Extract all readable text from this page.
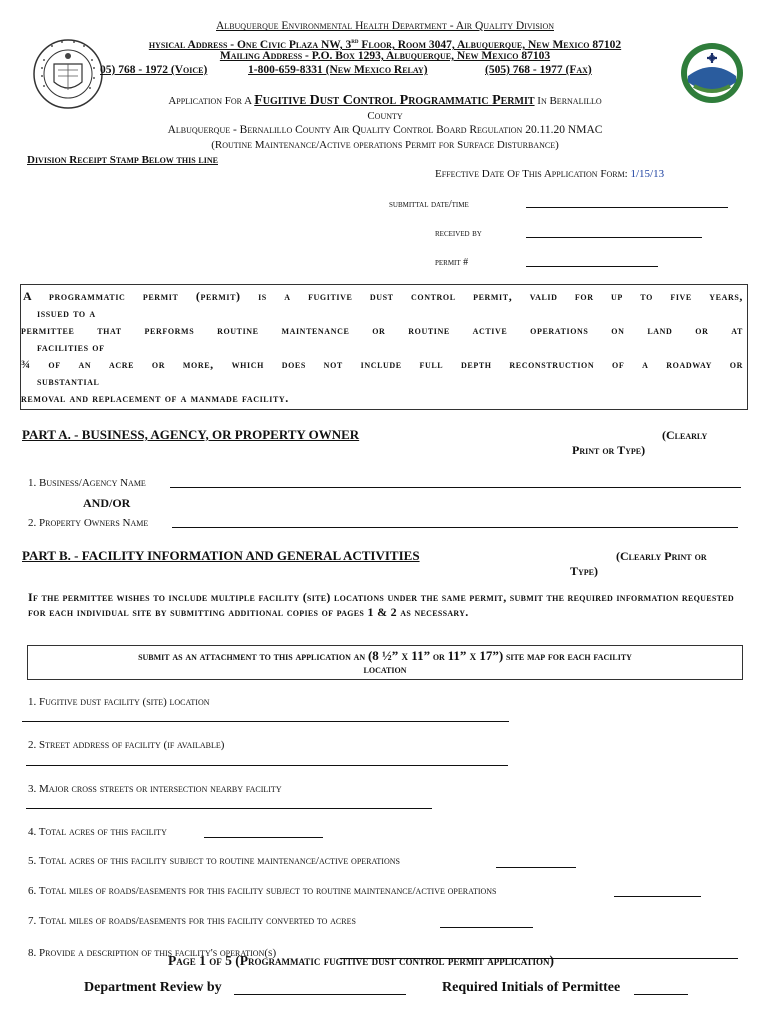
Albuquerque Environmental Health Department - Air Quality Division
hysical Address - One Civic Plaza NW, 3rd Floor, Room 3047, Albuquerque, New Mexico 87102
Mailing Address - P.O. Box 1293, Albuquerque, New Mexico 87103
05) 768 - 1972 (Voice)	1-800-659-8331 (New Mexico Relay)	(505) 768 - 1977 (Fax)
Application For A Fugitive Dust Control Programmatic Permit In Bernalillo
County
Albuquerque - Bernalillo County Air Quality Control Board Regulation 20.11.20 NMAC
(Routine Maintenance/Active operations Permit for Surface Disturbance)
Division Receipt Stamp Below this line
Effective Date Of This Application Form: 1/15/13
submittal date/time
received by
permit #
A programmatic permit (permit) is a fugitive dust control permit, valid for up to five years,
issued to a
permittee that performs routine maintenance or routine active operations on land or at
facilities of
¾ of an acre or more, which does not include full depth reconstruction of a roadway or
substantial
removal and replacement of a manmade facility.
PART A. - BUSINESS, AGENCY, OR PROPERTY OWNER	(Clearly
Print or Type)
1. Business/Agency Name
AND/OR
2. Property Owners Name
PART B. - FACILITY INFORMATION AND GENERAL ACTIVITIES	(Clearly Print or
Type)
If the permittee wishes to include multiple facility (site) locations under the same permit, submit the required information requested for each individual site by submitting additional copies of pages 1 & 2 as necessary.
submit as an attachment to this application an (8 ½” x 11” or 11” x 17”) site map for each facility
location
1. Fugitive dust facility (site) location
2. Street address of facility (if available)
3. Major cross streets or intersection nearby facility
4. Total acres of this facility
5. Total acres of this facility subject to routine maintenance/active operations
6. Total miles of roads/easements for this facility subject to routine maintenance/active operations
7. Total miles of roads/easements for this facility converted to acres
8. Provide a description of this facility's operation(s)
Page 1 of 5 (Programmatic fugitive dust control permit application)
Department Review by	Required Initials of Permittee
